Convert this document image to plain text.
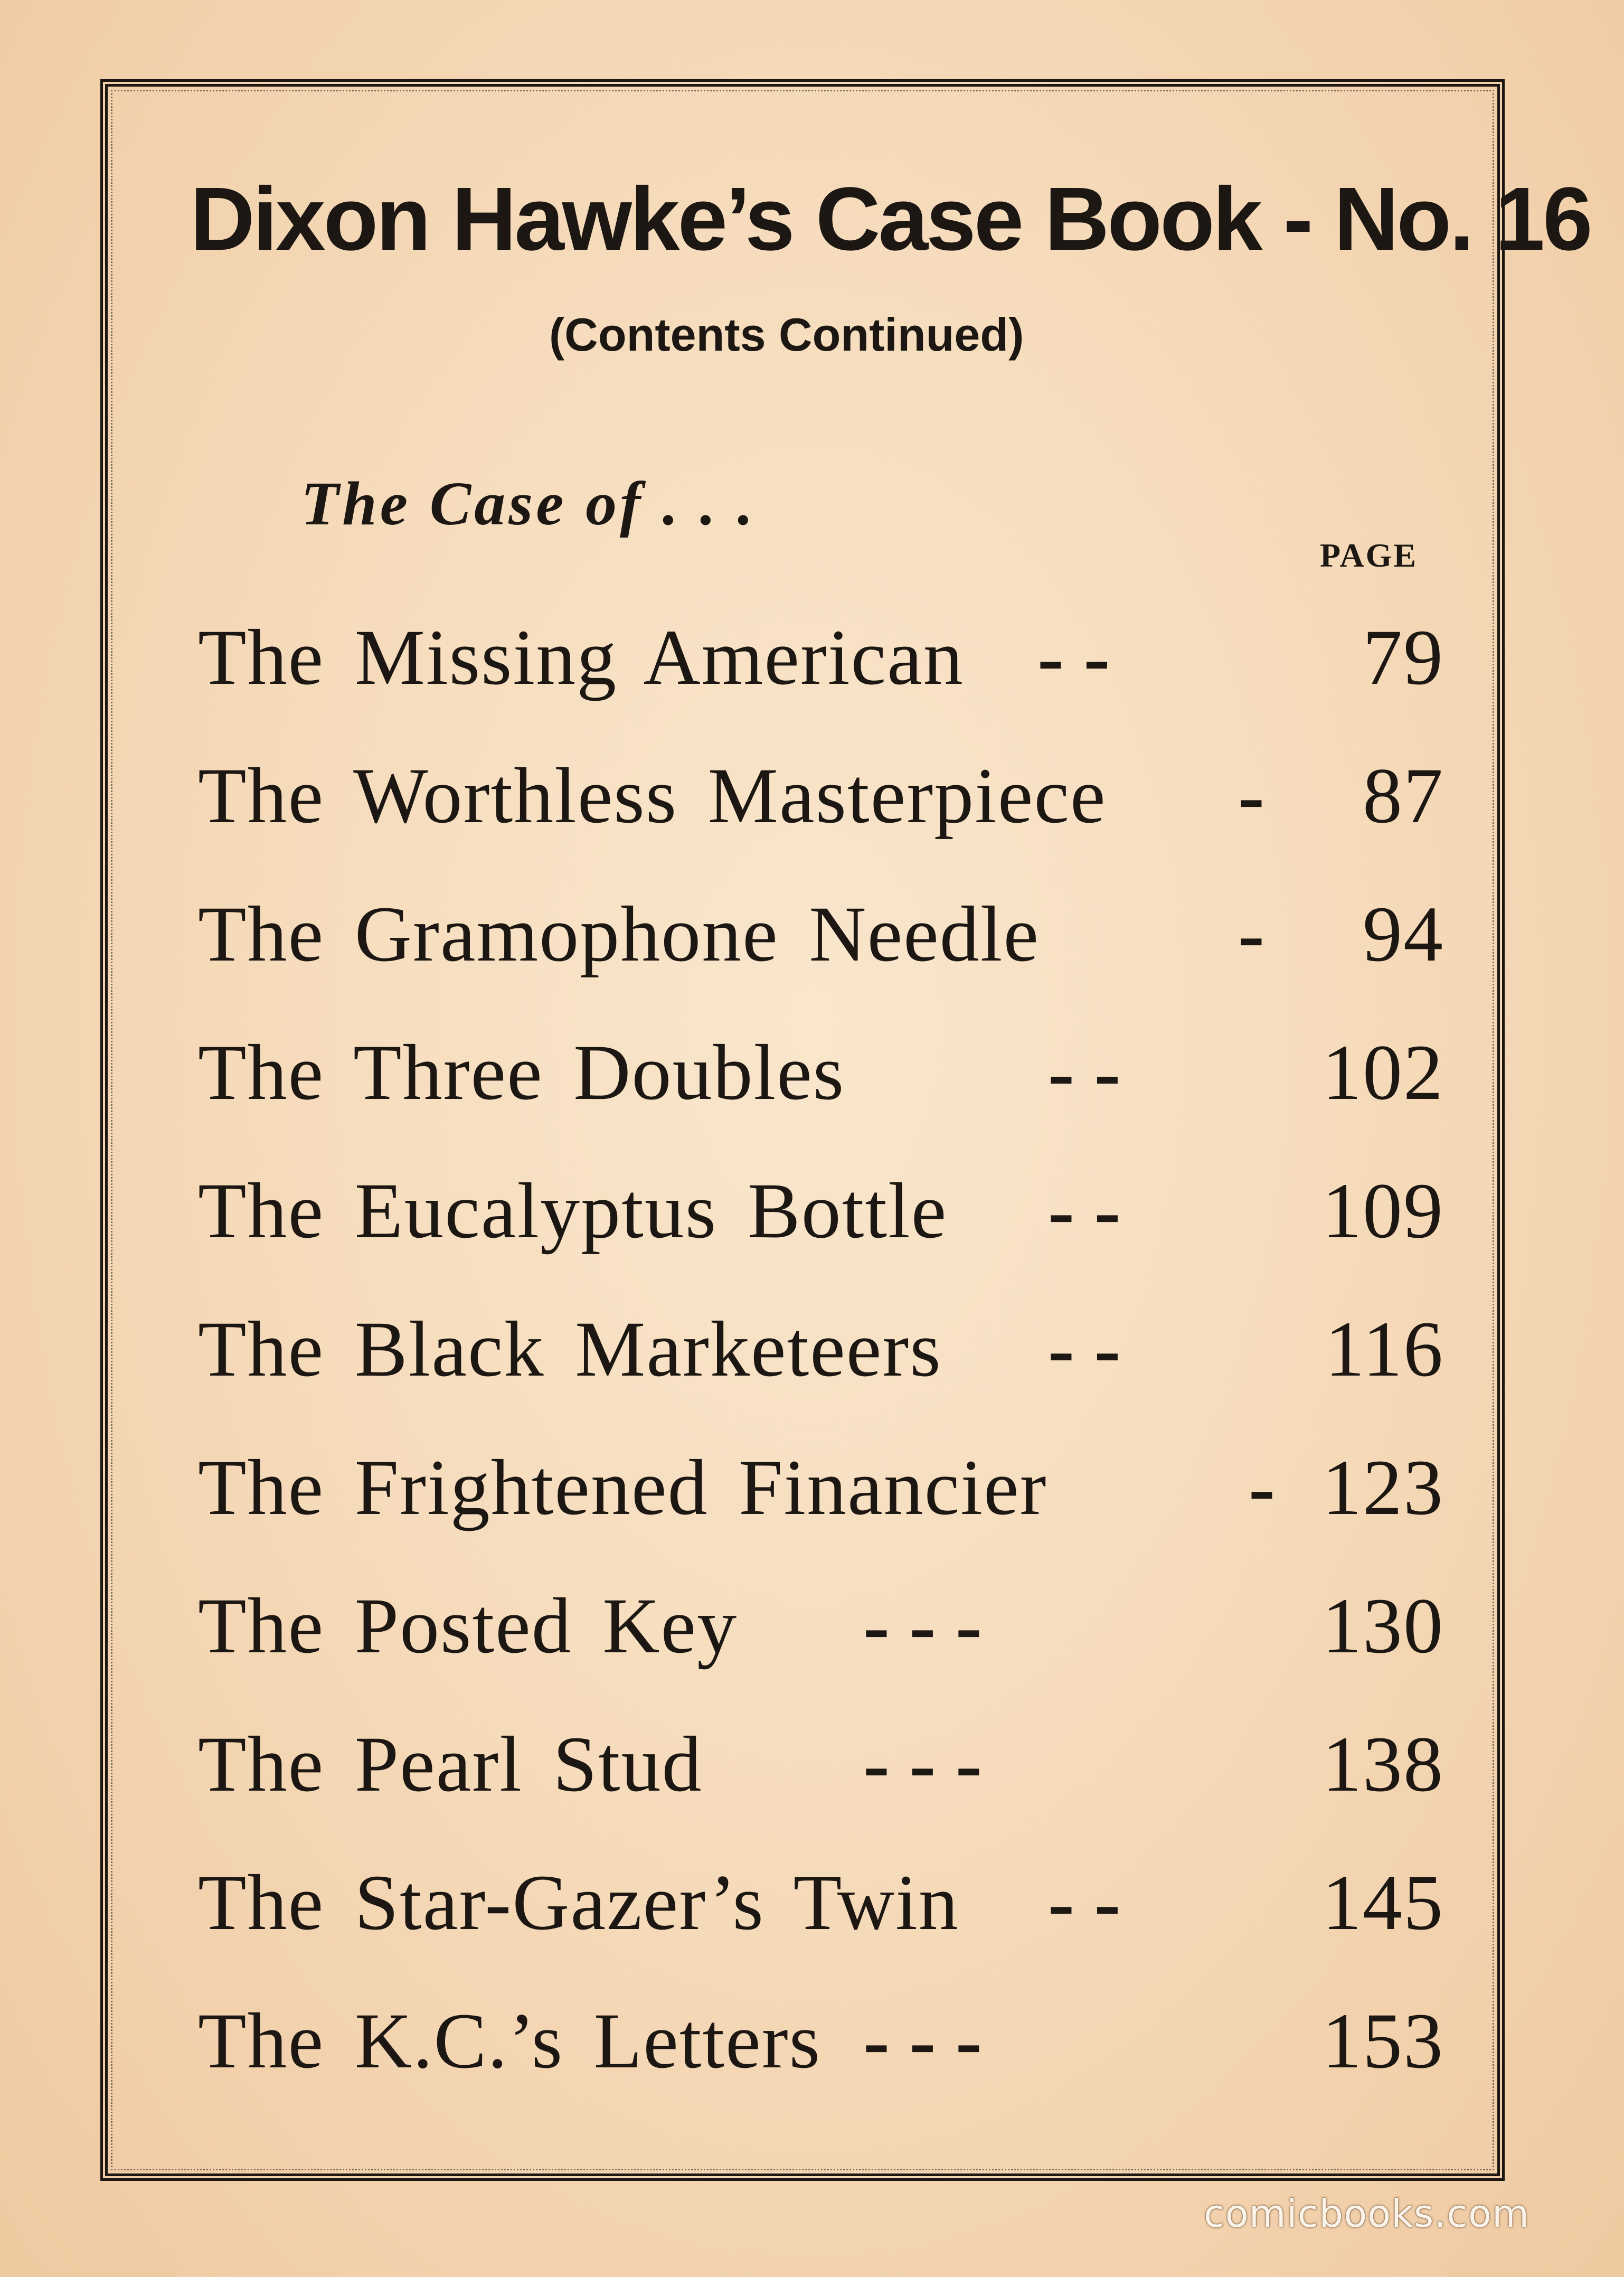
Dixon Hawke’s Case Book - No. 16
(Contents Continued)
The Case of . . .
PAGE
The Missing American - -	79
The Worthless Masterpiece - 87
The Gramophone Needle	- 94
The Three Doubles	- -	102
The Eucalyptus Bottle - -	109
The Black Marketeers - -	116
The Frightened Financier	- 123
The Posted Key - - -	130
The Pearl Stud - - -	138
The Star-Gazer’s Twin - -	145
The K.C.’s Letters - - -	153
comicbooks.com
